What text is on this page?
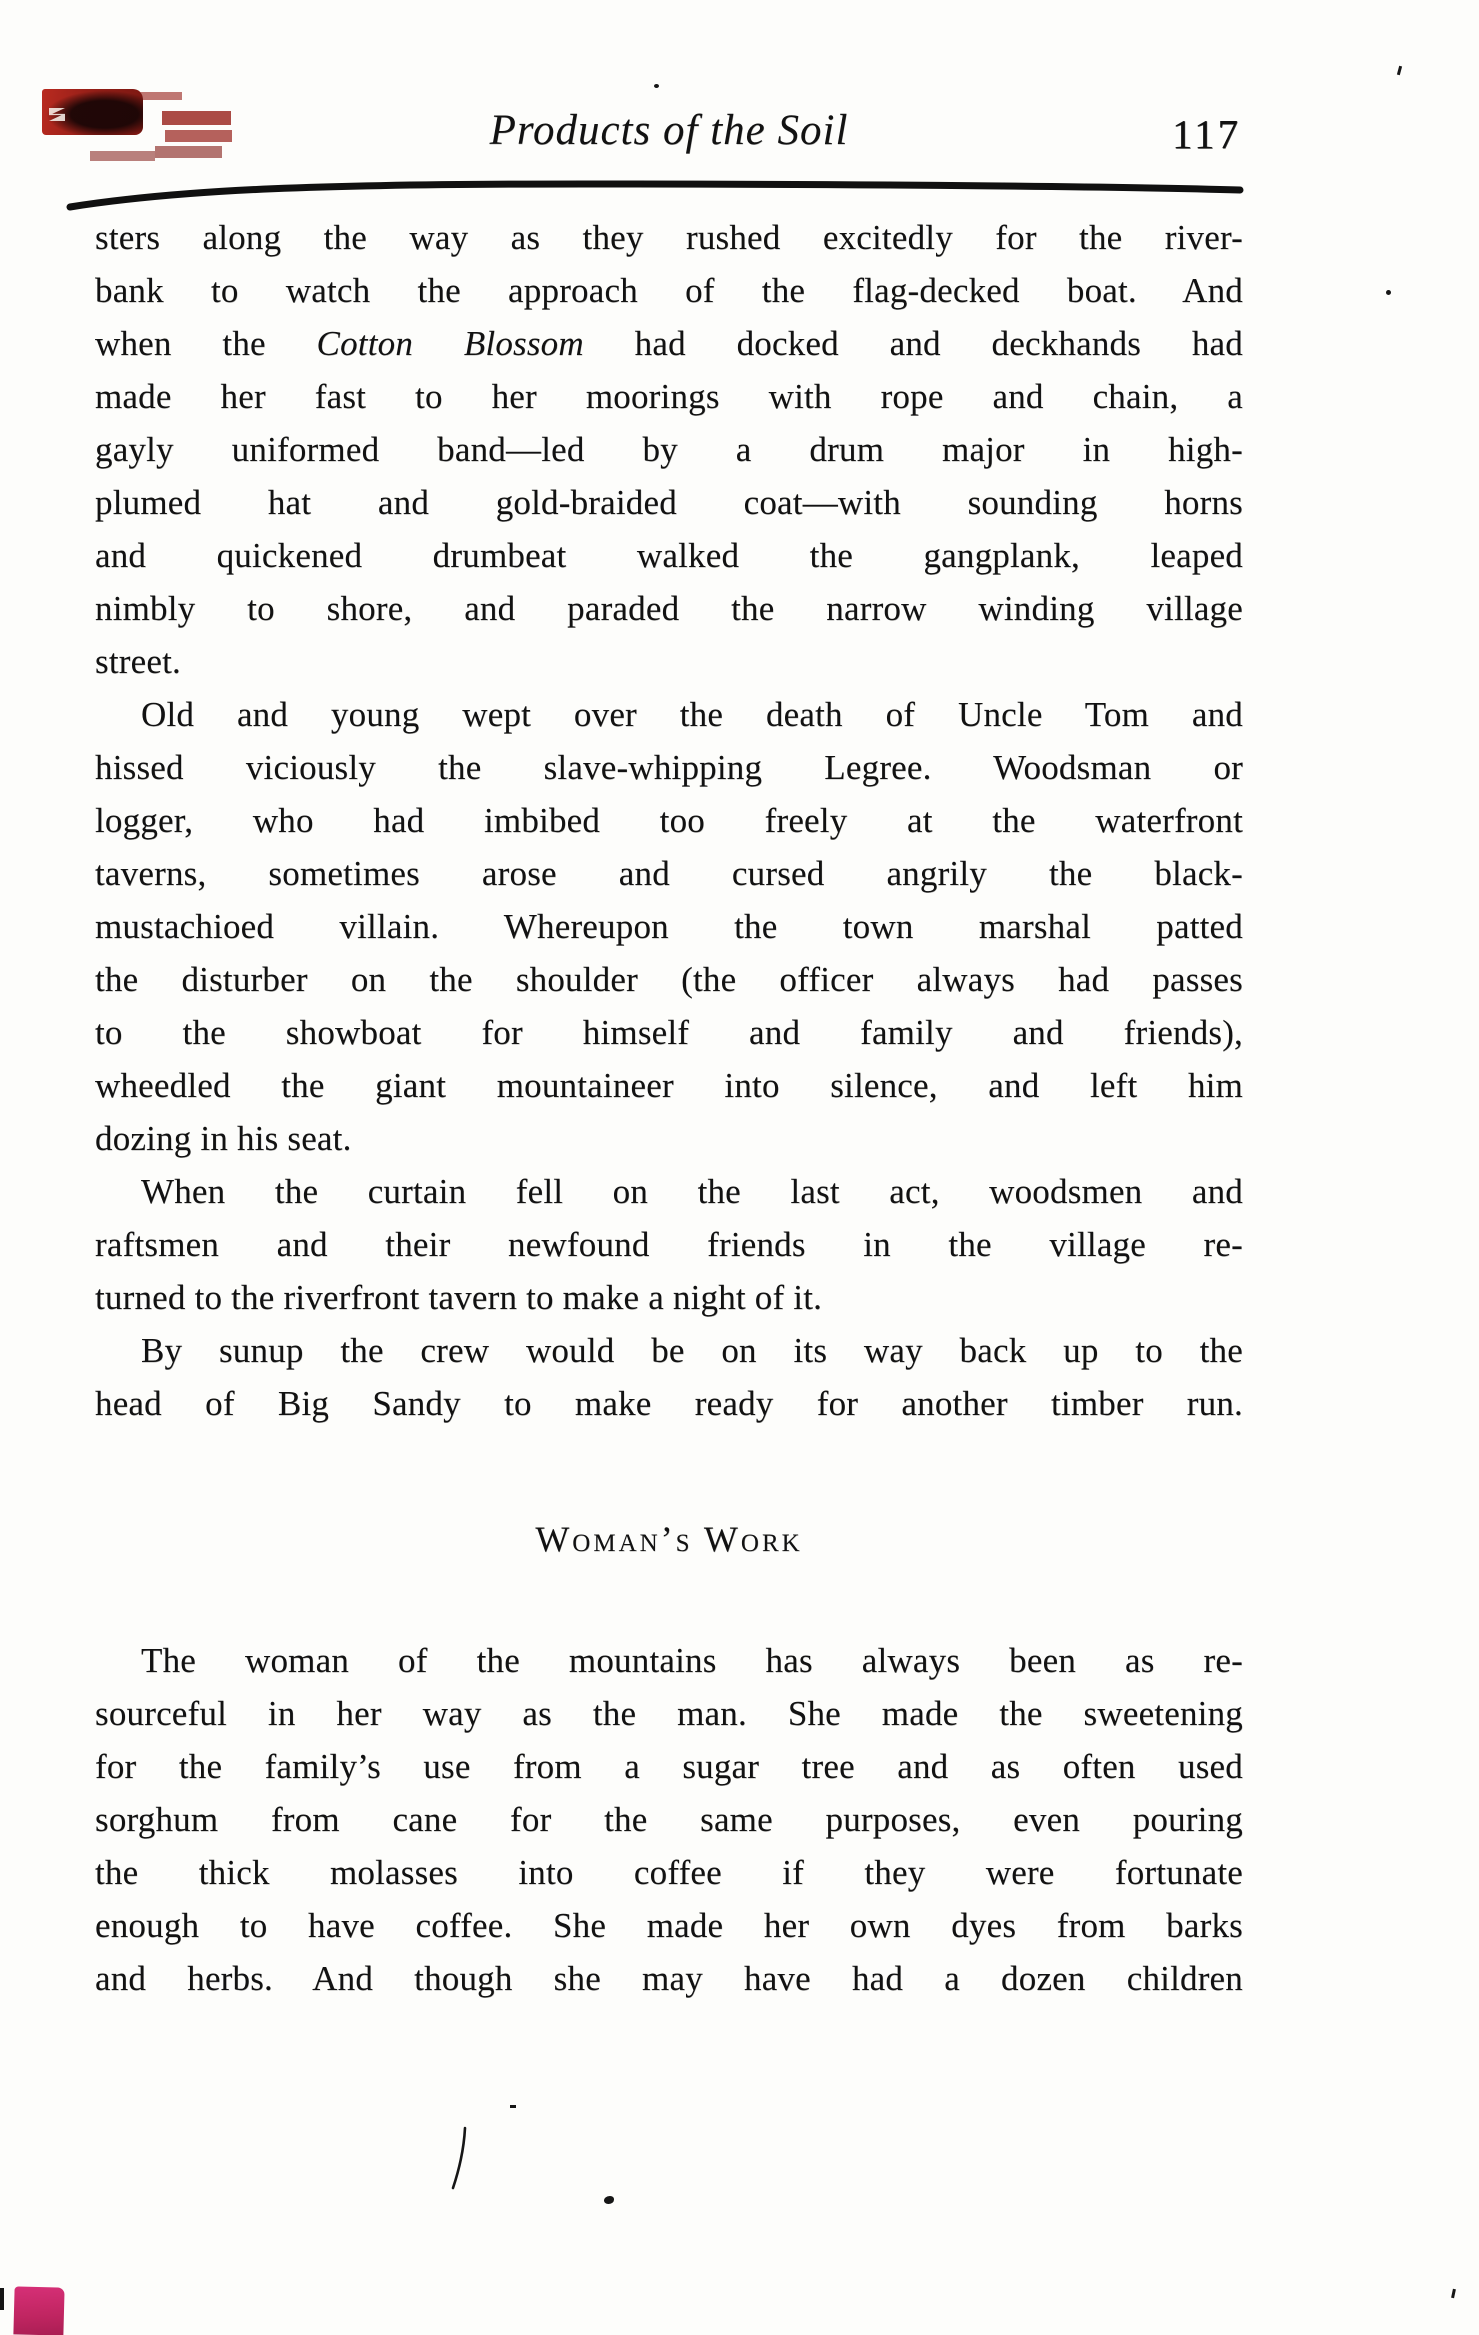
Products of the Soil	117
sters along the way as they rushed excitedly for the river-
bank to watch the approach of the flag-decked boat. And
when the Cotton Blossom had docked and deckhands had
made her fast to her moorings with rope and chain, a
gayly uniformed band—led by a drum major in high-
plumed hat and gold-braided coat—with sounding horns
and quickened drumbeat walked the gangplank, leaped
nimbly to shore, and paraded the narrow winding village
street.
Old and young wept over the death of Uncle Tom and
hissed viciously the slave-whipping Legree. Woodsman or
logger, who had imbibed too freely at the waterfront
taverns, sometimes arose and cursed angrily the black-
mustachioed villain. Whereupon the town marshal patted
the disturber on the shoulder (the officer always had passes
to the showboat for himself and family and friends),
wheedled the giant mountaineer into silence, and left him
dozing in his seat.
When the curtain fell on the last act, woodsmen and
raftsmen and their newfound friends in the village re-
turned to the riverfront tavern to make a night of it.
By sunup the crew would be on its way back up to the
head of Big Sandy to make ready for another timber run.
Woman’s Work
The woman of the mountains has always been as re-
sourceful in her way as the man. She made the sweetening
for the family’s use from a sugar tree and as often used
sorghum from cane for the same purposes, even pouring
the thick molasses into coffee if they were fortunate
enough to have coffee. She made her own dyes from barks
and herbs. And though she may have had a dozen children
